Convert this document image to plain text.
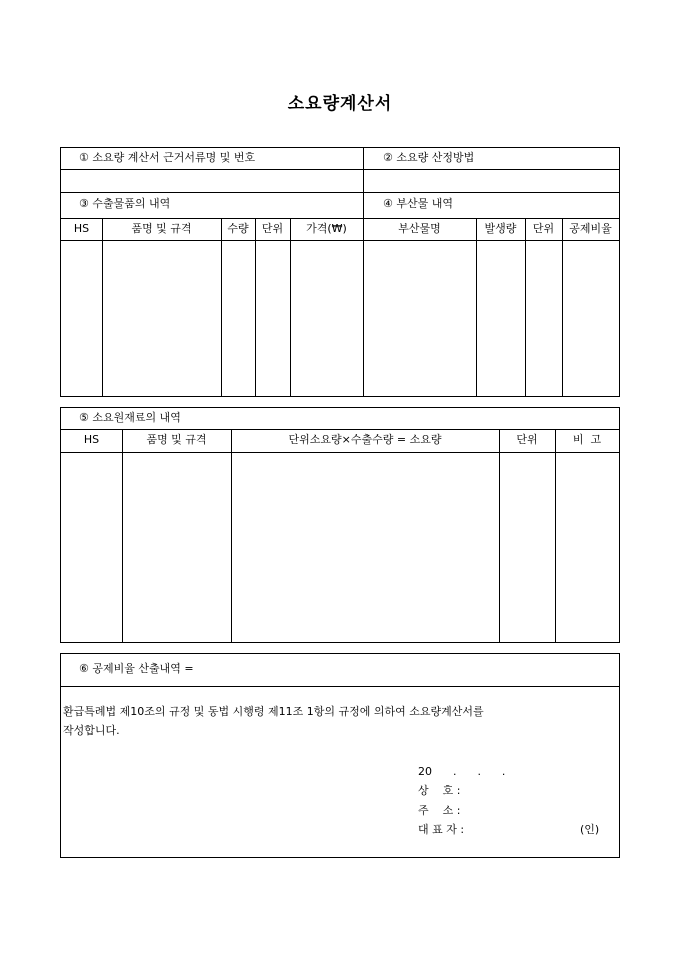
소요량계산서
① 소요량 계산서 근거서류명 및 번호	② 소요량 산정방법
③ 수출물품의 내역	④ 부산물 내역
HS	품명 및 규격	수량	단위	가격(₩)	부산물명	발생량	단위	공제비율
⑤ 소요원재료의 내역
HS	품명 및 규격	단위소요량×수출수량 = 소요량	단위	비  고
⑥ 공제비율 산출내역 =
환급특례법 제10조의 규정 및 동법 시행령 제11조 1항의 규정에 의하여 소요량계산서를
작성합니다.
20      .      .      .
상    호 :
주    소 :
대 표 자 :	(인)
